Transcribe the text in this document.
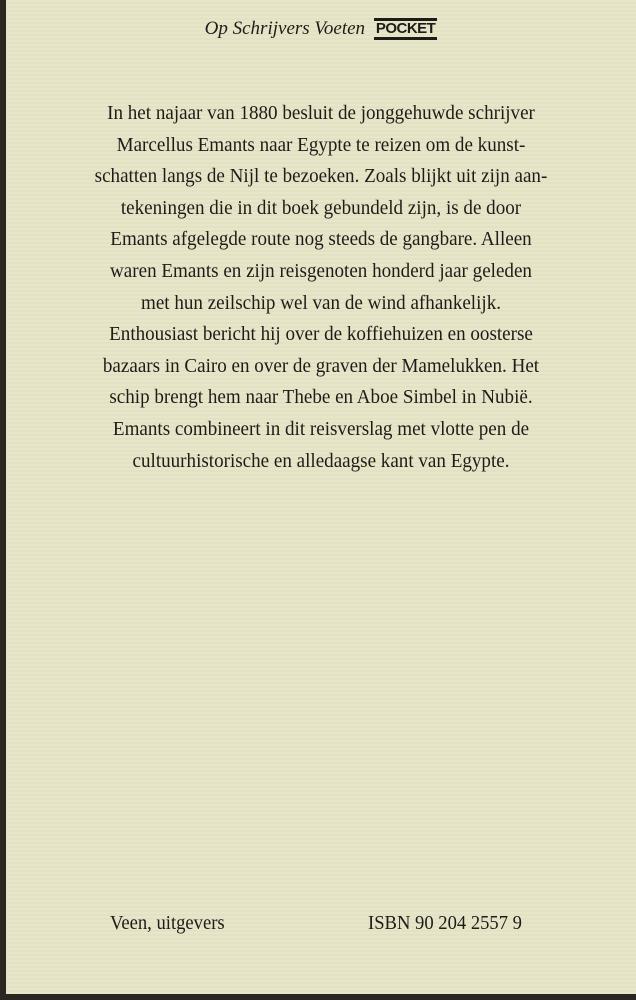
Op Schrijvers Voeten POCKET
In het najaar van 1880 besluit de jonggehuwde schrijver
Marcellus Emants naar Egypte te reizen om de kunst-
schatten langs de Nijl te bezoeken. Zoals blijkt uit zijn aan-
tekeningen die in dit boek gebundeld zijn, is de door
Emants afgelegde route nog steeds de gangbare. Alleen
waren Emants en zijn reisgenoten honderd jaar geleden
met hun zeilschip wel van de wind afhankelijk.
Enthousiast bericht hij over de koffiehuizen en oosterse
bazaars in Cairo en over de graven der Mamelukken. Het
schip brengt hem naar Thebe en Aboe Simbel in Nubië.
Emants combineert in dit reisverslag met vlotte pen de
cultuurhistorische en alledaagse kant van Egypte.
Veen, uitgevers	ISBN 90 204 2557 9
